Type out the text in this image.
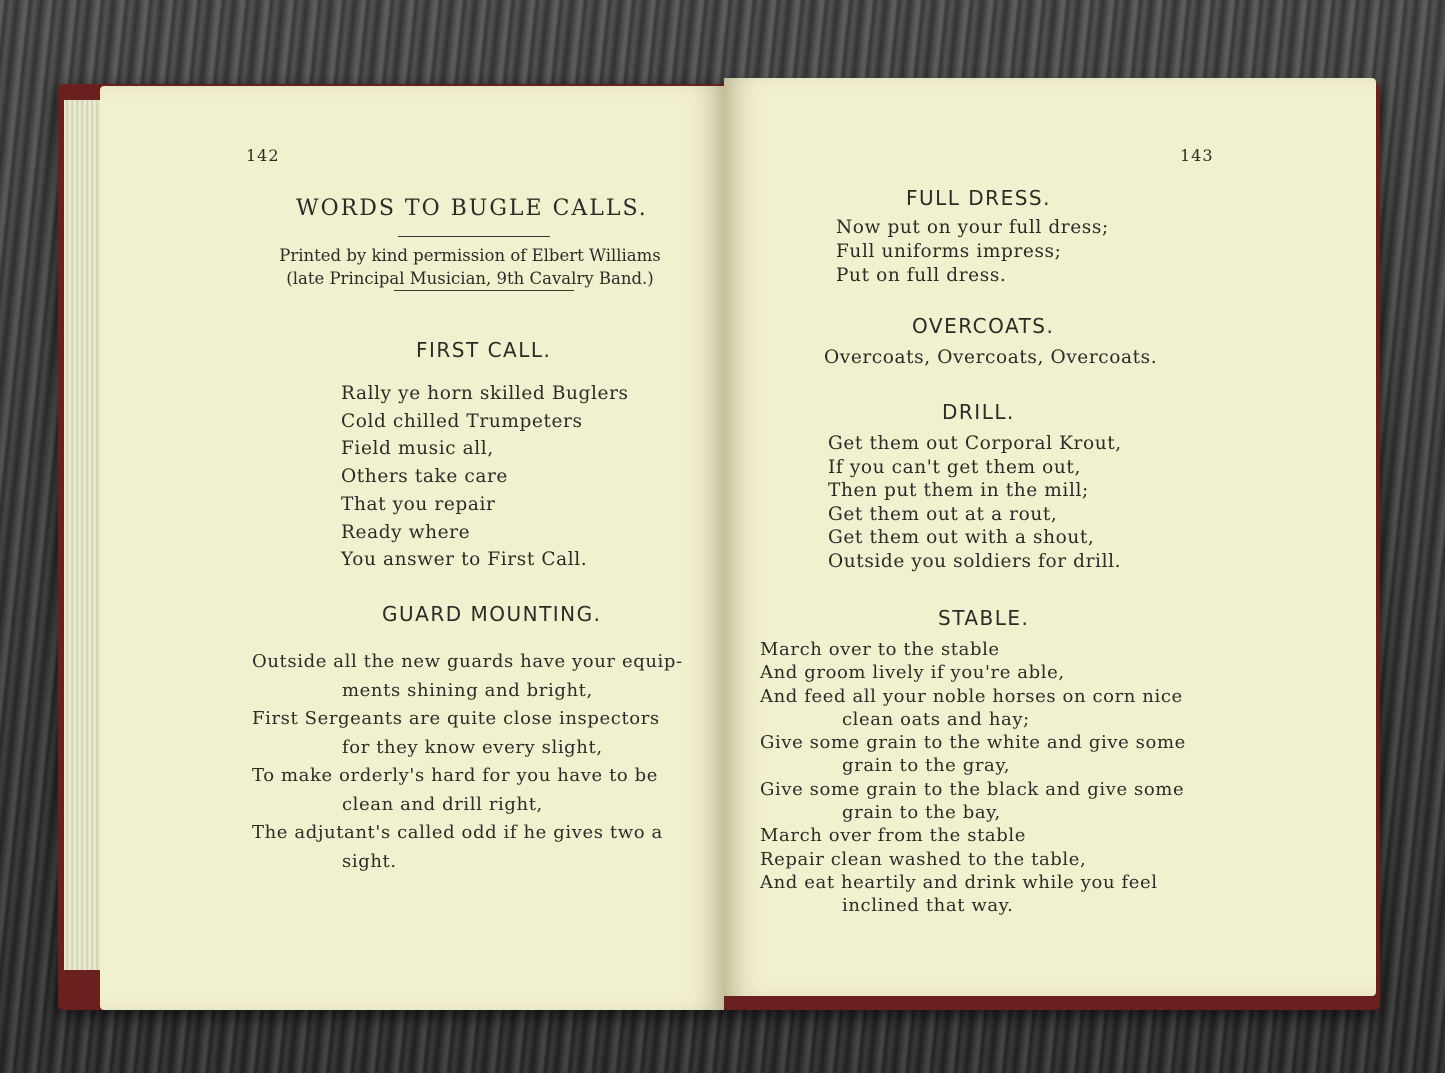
142
WORDS TO BUGLE CALLS.
Printed by kind permission of Elbert Williams
(late Principal Musician, 9th Cavalry Band.)
FIRST CALL.
Rally ye horn skilled Buglers
Cold chilled Trumpeters
Field music all,
Others take care
That you repair
Ready where
You answer to First Call.
GUARD MOUNTING.
Outside all the new guards have your equip-
ments shining and bright,
First Sergeants are quite close inspectors
for they know every slight,
To make orderly's hard for you have to be
clean and drill right,
The adjutant's called odd if he gives two a
sight.
143
FULL DRESS.
Now put on your full dress;
Full uniforms impress;
Put on full dress.
OVERCOATS.
Overcoats, Overcoats, Overcoats.
DRILL.
Get them out Corporal Krout,
If you can't get them out,
Then put them in the mill;
Get them out at a rout,
Get them out with a shout,
Outside you soldiers for drill.
STABLE.
March over to the stable
And groom lively if you're able,
And feed all your noble horses on corn nice
clean oats and hay;
Give some grain to the white and give some
grain to the gray,
Give some grain to the black and give some
grain to the bay,
March over from the stable
Repair clean washed to the table,
And eat heartily and drink while you feel
inclined that way.
